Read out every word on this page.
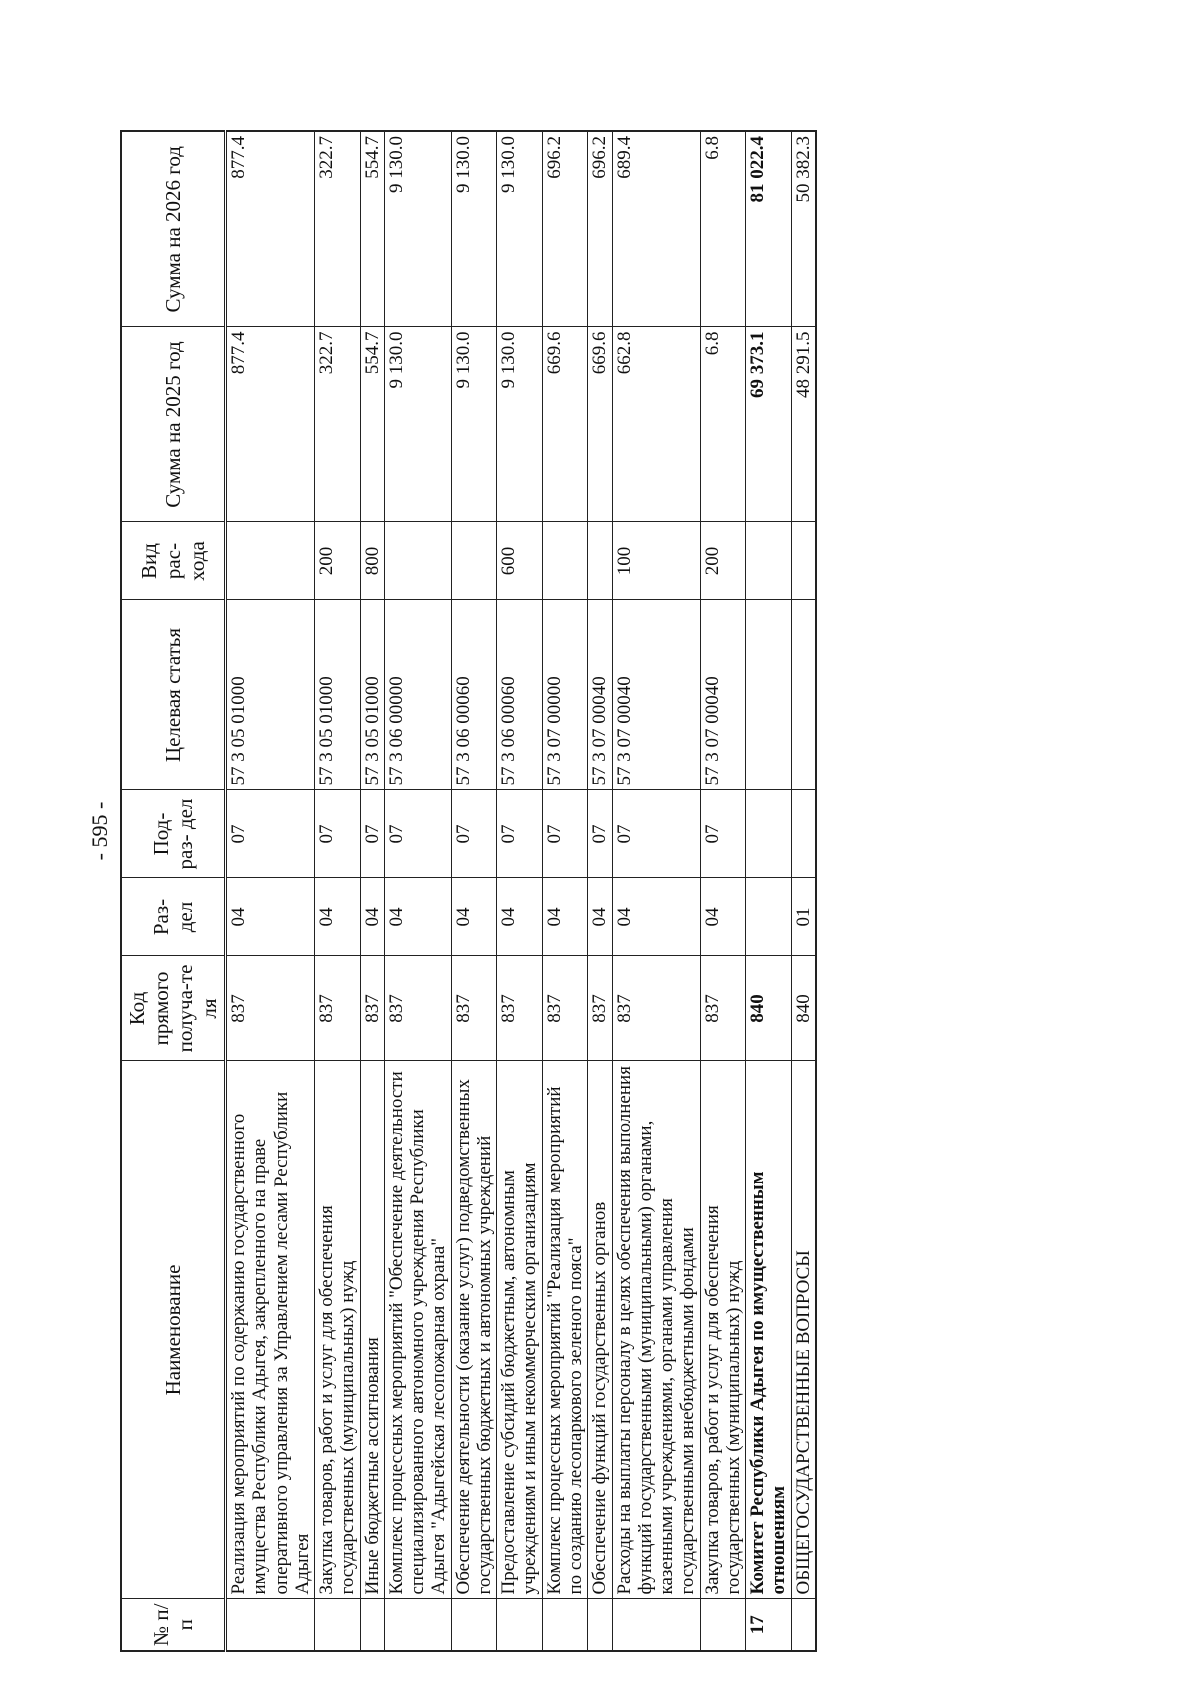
- 595 -
№ п/п	Наименование	Код прямого получа-те ля	Раз- дел	Под- раз- дел	Целевая статья	Вид рас- хода	Сумма на 2025 год	Сумма на 2026 год
	Реализация мероприятий по содержанию государственного имущества Республики Адыгея, закрепленного на праве оперативного управления за Управлением лесами Республики Адыгея	837	04	07	57 3 05 01000		877.4	877.4
	Закупка товаров, работ и услуг для обеспечения государственных (муниципальных) нужд	837	04	07	57 3 05 01000	200	322.7	322.7
	Иные бюджетные ассигнования	837	04	07	57 3 05 01000	800	554.7	554.7
	Комплекс процессных мероприятий "Обеспечение деятельности специализированного автономного учреждения Республики Адыгея "Адыгейская лесопожарная охрана"	837	04	07	57 3 06 00000		9 130.0	9 130.0
	Обеспечение деятельности (оказание услуг) подведомственных государственных бюджетных и автономных учреждений	837	04	07	57 3 06 00060		9 130.0	9 130.0
	Предоставление субсидий бюджетным, автономным учреждениям и иным некоммерческим организациям	837	04	07	57 3 06 00060	600	9 130.0	9 130.0
	Комплекс процессных мероприятий "Реализация мероприятий по созданию лесопаркового зеленого пояса"	837	04	07	57 3 07 00000		669.6	696.2
	Обеспечение функций государственных органов	837	04	07	57 3 07 00040		669.6	696.2
	Расходы на выплаты персоналу в целях обеспечения выполнения функций государственными (муниципальными) органами, казенными учреждениями, органами управления государственными внебюджетными фондами	837	04	07	57 3 07 00040	100	662.8	689.4
	Закупка товаров, работ и услуг для обеспечения государственных (муниципальных) нужд	837	04	07	57 3 07 00040	200	6.8	6.8
17	Комитет Республики Адыгея по имущественным отношениям	840					69 373.1	81 022.4
	ОБЩЕГОСУДАРСТВЕННЫЕ ВОПРОСЫ	840	01				48 291.5	50 382.3
